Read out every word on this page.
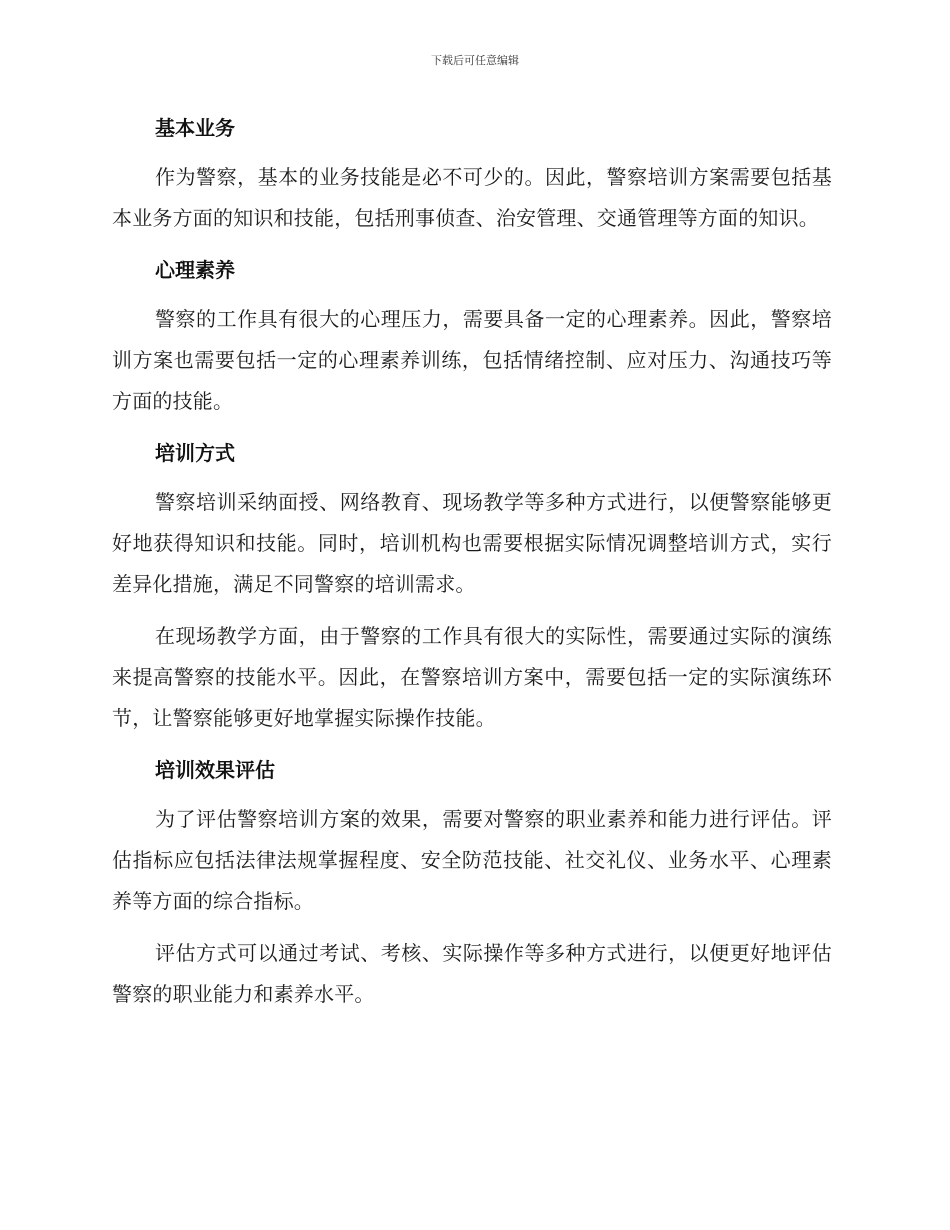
下载后可任意编辑
基本业务

作为警察，基本的业务技能是必不可少的。因此，警察培训方案需要包括基本业务方面的知识和技能，包括刑事侦查、治安管理、交通管理等方面的知识。

心理素养

警察的工作具有很大的心理压力，需要具备一定的心理素养。因此，警察培训方案也需要包括一定的心理素养训练，包括情绪控制、应对压力、沟通技巧等方面的技能。

培训方式

警察培训采纳面授、网络教育、现场教学等多种方式进行，以便警察能够更好地获得知识和技能。同时，培训机构也需要根据实际情况调整培训方式，实行差异化措施，满足不同警察的培训需求。

在现场教学方面，由于警察的工作具有很大的实际性，需要通过实际的演练来提高警察的技能水平。因此，在警察培训方案中，需要包括一定的实际演练环节，让警察能够更好地掌握实际操作技能。

培训效果评估

为了评估警察培训方案的效果，需要对警察的职业素养和能力进行评估。评估指标应包括法律法规掌握程度、安全防范技能、社交礼仪、业务水平、心理素养等方面的综合指标。

评估方式可以通过考试、考核、实际操作等多种方式进行，以便更好地评估警察的职业能力和素养水平。
